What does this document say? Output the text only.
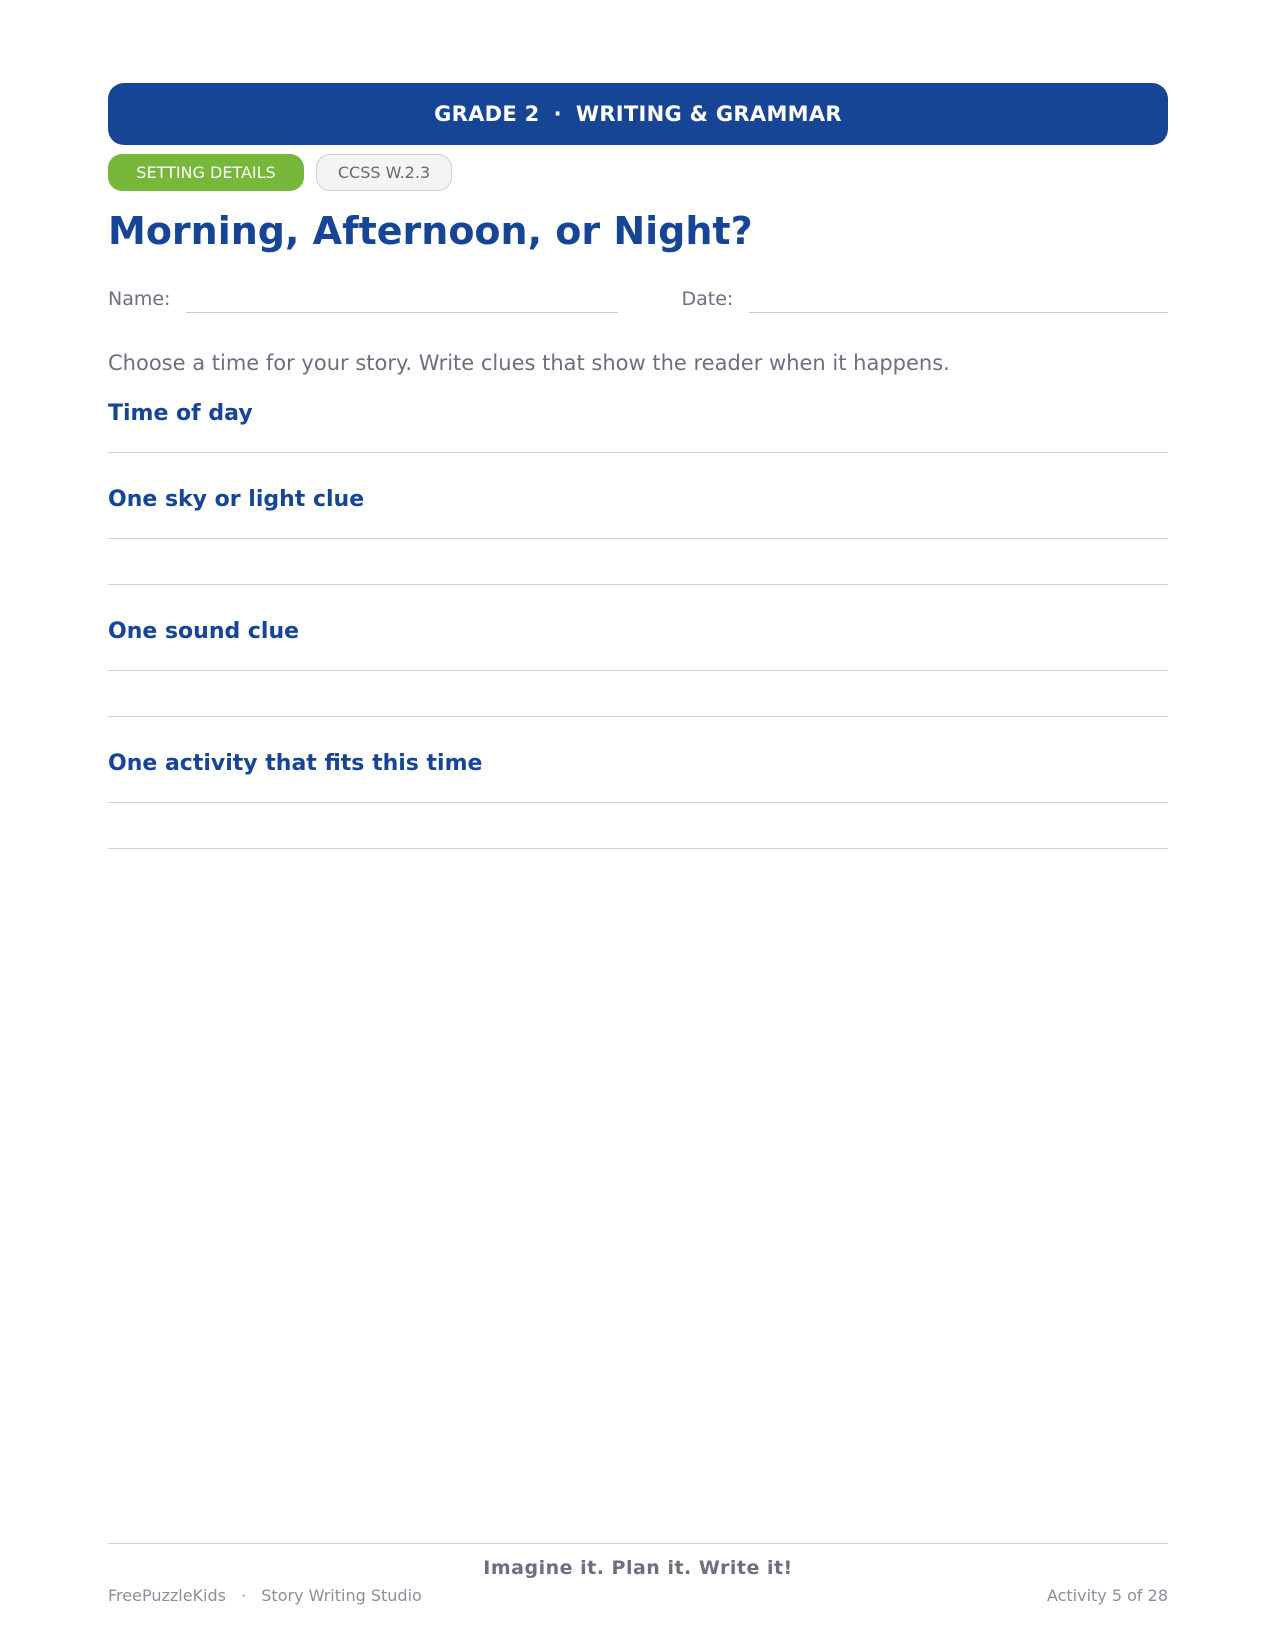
GRADE 2 · WRITING & GRAMMAR
SETTING DETAILS	CCSS W.2.3
Morning, Afternoon, or Night?
Name:	Date:
Choose a time for your story. Write clues that show the reader when it happens.
Time of day
One sky or light clue
One sound clue
One activity that fits this time
Imagine it. Plan it. Write it!
FreePuzzleKids · Story Writing Studio	Activity 5 of 28
